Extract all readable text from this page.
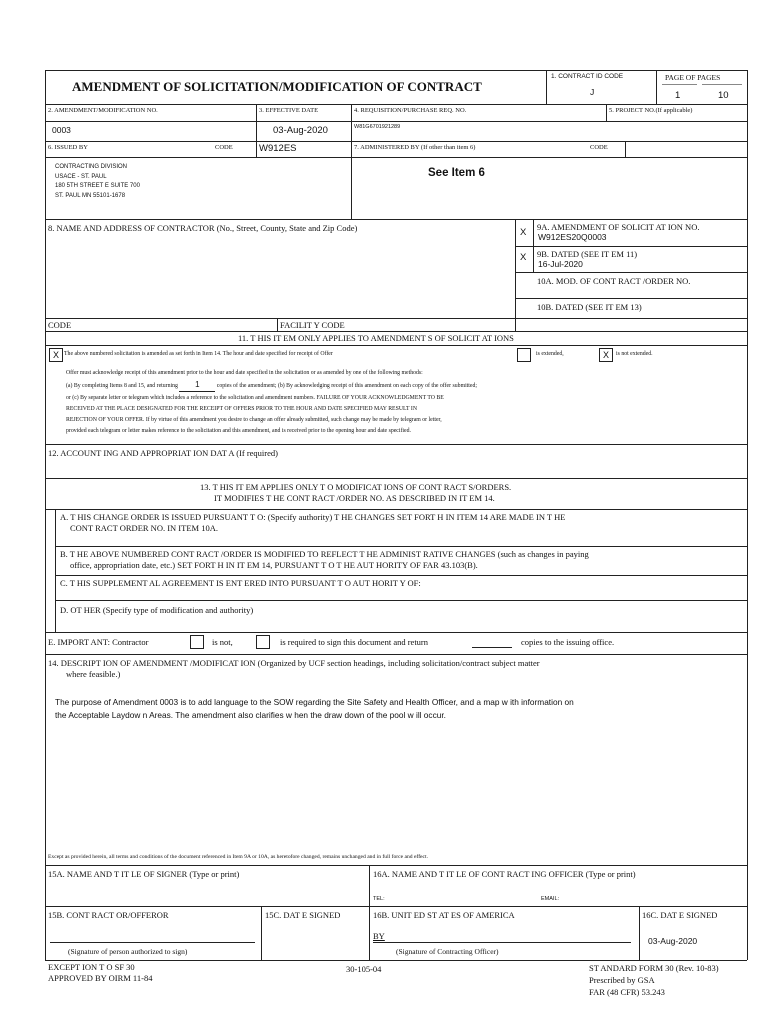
AMENDMENT OF SOLICITATION/MODIFICATION OF CONTRACT
1. CONTRACT ID CODE
J
PAGE OF PAGES
1	10
2. AMENDMENT/MODIFICATION NO.
0003
3. EFFECTIVE DATE
03-Aug-2020
4. REQUISITION/PURCHASE REQ. NO.
W81G6701921289
5. PROJECT NO.(If applicable)
6. ISSUED BY	CODE	W912ES	7. ADMINISTERED BY (If other than item 6)	CODE
CONTRACTING DIVISION
USACE - ST. PAUL
180 5TH STREET E SUITE 700
ST. PAUL MN 55101-1678
See Item 6
8. NAME AND ADDRESS OF CONTRACTOR (No., Street, County, State and Zip Code)	X 9A. AMENDMENT OF SOLICIT AT ION NO.
W912ES20Q0003
X 9B. DATED (SEE IT EM 11)
16-Jul-2020
10A. MOD. OF CONT RACT /ORDER NO.
10B. DATED (SEE IT EM 13)
CODE	FACILIT Y CODE
11. T HIS IT EM ONLY APPLIES TO AMENDMENT S OF SOLICIT AT IONS
X The above numbered solicitation is amended as set forth in Item 14. The hour and date specified for receipt of Offer	is extended,	X	is not extended.
Offer must acknowledge receipt of this amendment prior to the hour and date specified in the solicitation or as amended by one of the following methods:
(a) By completing Items 8 and 15, and returning 1	copies of the amendment; (b) By acknowledging receipt of this amendment on each copy of the offer submitted;
or (c) By separate letter or telegram which includes a reference to the solicitation and amendment numbers. FAILURE OF YOUR ACKNOWLEDGMENT TO BE
RECEIVED AT THE PLACE DESIGNATED FOR THE RECEIPT OF OFFERS PRIOR TO THE HOUR AND DATE SPECIFIED MAY RESULT IN
REJECTION OF YOUR OFFER. If by virtue of this amendment you desire to change an offer already submitted, such change may be made by telegram or letter,
provided each telegram or letter makes reference to the solicitation and this amendment, and is received prior to the opening hour and date specified.
12. ACCOUNT ING AND APPROPRIAT ION DAT A (If required)
13. T HIS IT EM APPLIES ONLY T O MODIFICAT IONS OF CONT RACT S/ORDERS.
IT MODIFIES T HE CONT RACT /ORDER NO. AS DESCRIBED IN IT EM 14.
A. T HIS CHANGE ORDER IS ISSUED PURSUANT T O: (Specify authority) T HE CHANGES SET FORT H IN ITEM 14 ARE MADE IN T HE
CONT RACT ORDER NO. IN ITEM 10A.
B. T HE ABOVE NUMBERED CONT RACT /ORDER IS MODIFIED TO REFLECT T HE ADMINIST RATIVE CHANGES (such as changes in paying
office, appropriation date, etc.) SET FORT H IN IT EM 14, PURSUANT T O T HE AUT HORITY OF FAR 43.103(B).
C. T HIS SUPPLEMENT AL AGREEMENT IS ENT ERED INTO PURSUANT T O AUT HORIT Y OF:
D. OT HER (Specify type of modification and authority)
E. IMPORT ANT: Contractor	is not,	is required to sign this document and return	copies to the issuing office.
14. DESCRIPT ION OF AMENDMENT /MODIFICAT ION (Organized by UCF section headings, including solicitation/contract subject matter
where feasible.)
The purpose of Amendment 0003 is to add language to the SOW regarding the Site Safety and Health Officer, and a map w ith information on
the Acceptable Laydow n Areas. The amendment also clarifies w hen the draw down of the pool w ill occur.
Except as provided herein, all terms and conditions of the document referenced in Item 9A or 10A, as heretofore changed, remains unchanged and in full force and effect.
15A. NAME AND T IT LE OF SIGNER (Type or print)	16A. NAME AND T IT LE OF CONT RACT ING OFFICER (Type or print)
TEL:	EMAIL:
15B. CONT RACT OR/OFFEROR	15C. DAT E SIGNED	16B. UNIT ED ST AT ES OF AMERICA	16C. DAT E SIGNED
BY	03-Aug-2020
(Signature of person authorized to sign)	(Signature of Contracting Officer)
EXCEPT ION T O SF 30
APPROVED BY OIRM 11-84
30-105-04	ST ANDARD FORM 30 (Rev. 10-83)
Prescribed by GSA
FAR (48 CFR) 53.243
